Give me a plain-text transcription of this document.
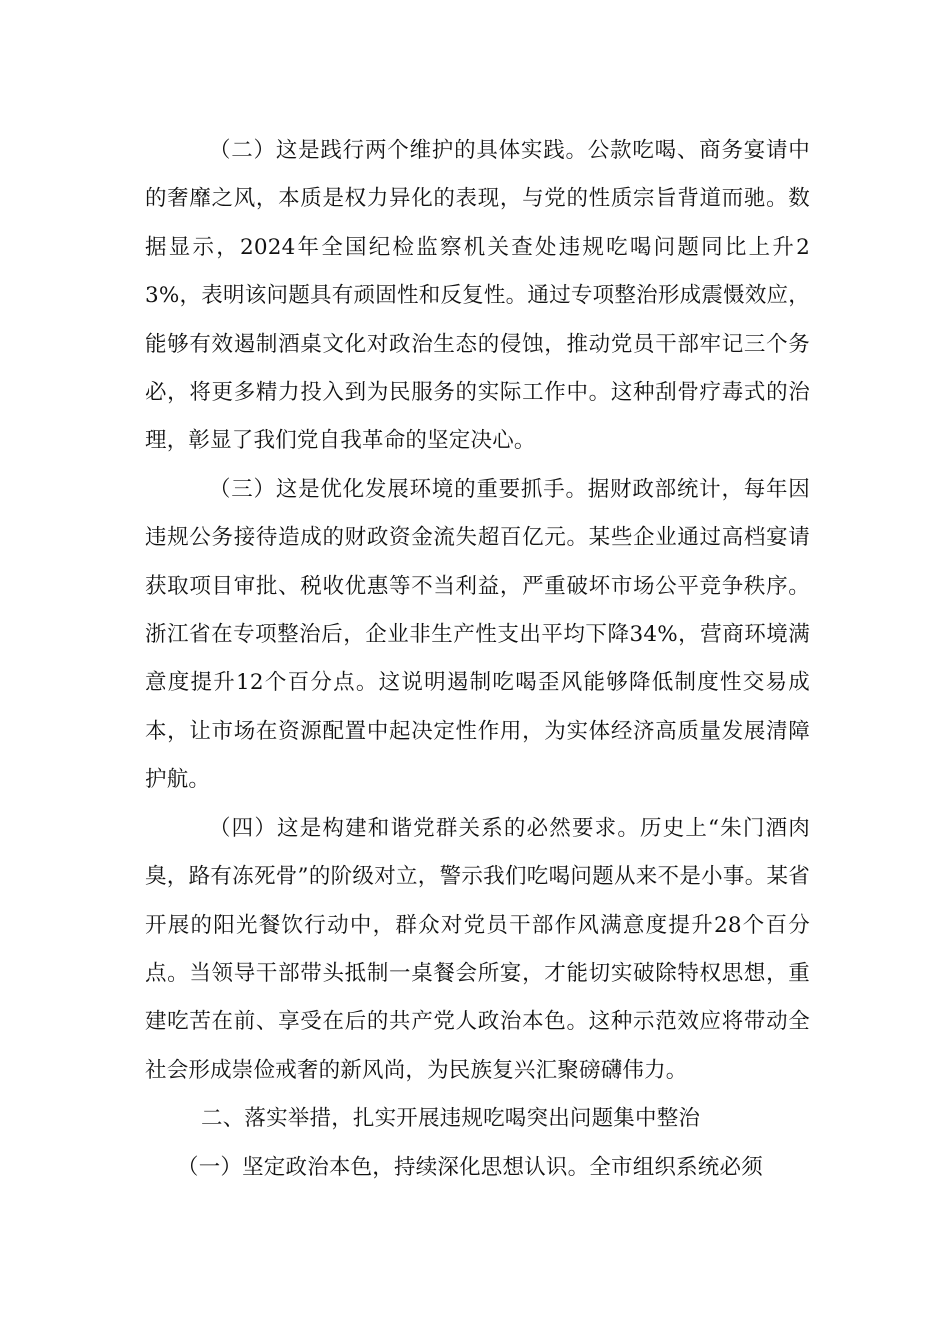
（二）这是践行两个维护的具体实践。公款吃喝、商务宴请中的奢靡之风，本质是权力异化的表现，与党的性质宗旨背道而驰。数据显示，2024年全国纪检监察机关查处违规吃喝问题同比上升23%，表明该问题具有顽固性和反复性。通过专项整治形成震慑效应，能够有效遏制酒桌文化对政治生态的侵蚀，推动党员干部牢记三个务必，将更多精力投入到为民服务的实际工作中。这种刮骨疗毒式的治理，彰显了我们党自我革命的坚定决心。

（三）这是优化发展环境的重要抓手。据财政部统计，每年因违规公务接待造成的财政资金流失超百亿元。某些企业通过高档宴请获取项目审批、税收优惠等不当利益，严重破坏市场公平竞争秩序。浙江省在专项整治后，企业非生产性支出平均下降34%，营商环境满意度提升12个百分点。这说明遏制吃喝歪风能够降低制度性交易成本，让市场在资源配置中起决定性作用，为实体经济高质量发展清障护航。

（四）这是构建和谐党群关系的必然要求。历史上“朱门酒肉臭，路有冻死骨”的阶级对立，警示我们吃喝问题从来不是小事。某省开展的阳光餐饮行动中，群众对党员干部作风满意度提升28个百分点。当领导干部带头抵制一桌餐会所宴，才能切实破除特权思想，重建吃苦在前、享受在后的共产党人政治本色。这种示范效应将带动全社会形成崇俭戒奢的新风尚，为民族复兴汇聚磅礴伟力。

二、落实举措，扎实开展违规吃喝突出问题集中整治

（一）坚定政治本色，持续深化思想认识。全市组织系统必须
